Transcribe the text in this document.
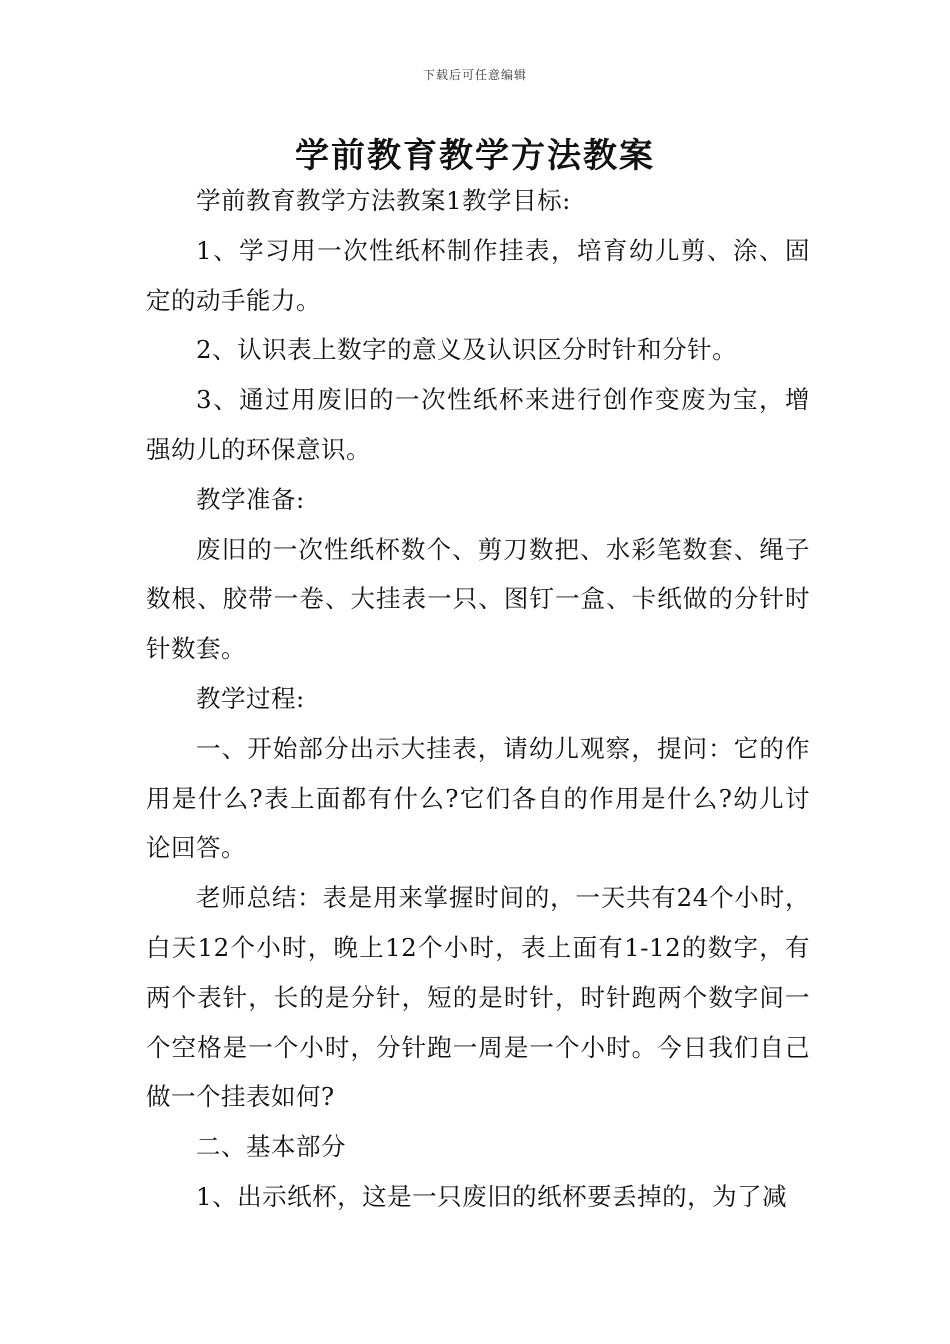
下载后可任意编辑
学前教育教学方法教案

学前教育教学方法教案1教学目标:

1、学习用一次性纸杯制作挂表，培育幼儿剪、涂、固定的动手能力。

2、认识表上数字的意义及认识区分时针和分针。

3、通过用废旧的一次性纸杯来进行创作变废为宝，增强幼儿的环保意识。

教学准备:

废旧的一次性纸杯数个、剪刀数把、水彩笔数套、绳子数根、胶带一卷、大挂表一只、图钉一盒、卡纸做的分针时针数套。

教学过程:

一、开始部分出示大挂表，请幼儿观察，提问：它的作用是什么?表上面都有什么?它们各自的作用是什么?幼儿讨论回答。

老师总结：表是用来掌握时间的，一天共有24个小时，白天12个小时，晚上12个小时，表上面有1-12的数字，有两个表针，长的是分针，短的是时针，时针跑两个数字间一个空格是一个小时，分针跑一周是一个小时。今日我们自己做一个挂表如何?

二、基本部分

1、出示纸杯，这是一只废旧的纸杯要丢掉的，为了减
